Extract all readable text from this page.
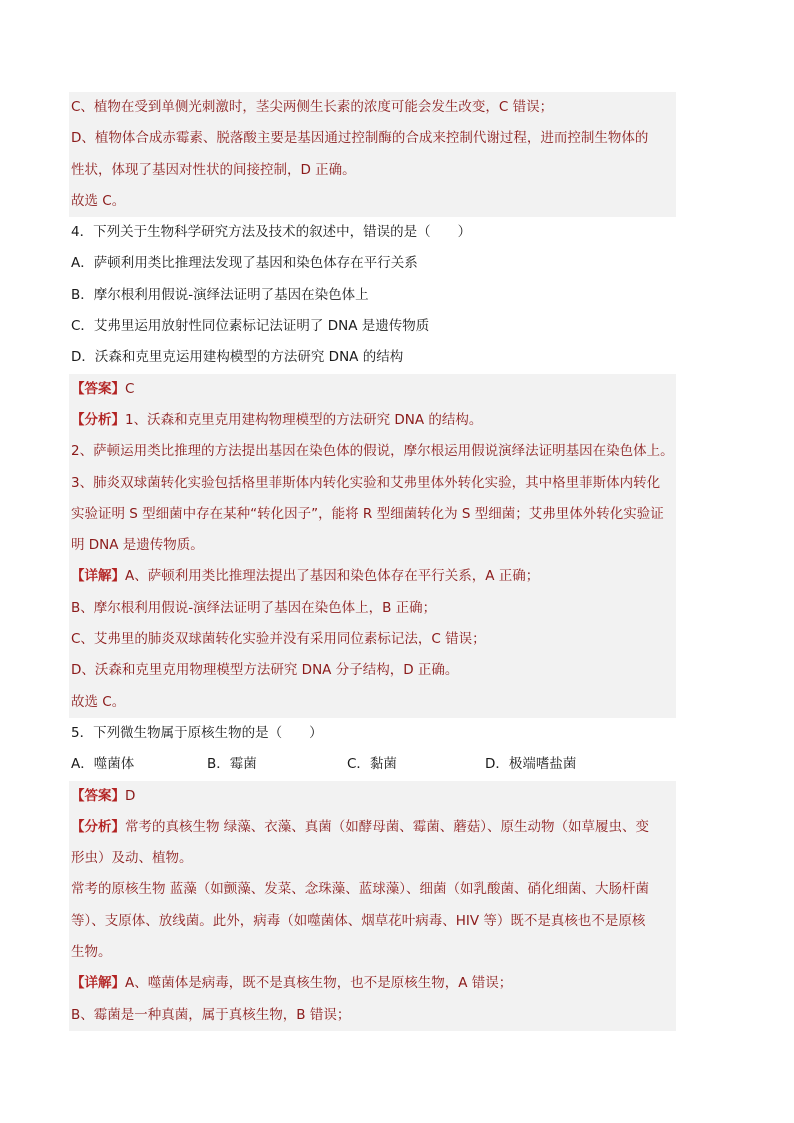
C、植物在受到单侧光刺激时，茎尖两侧生长素的浓度可能会发生改变，C 错误；
D、植物体合成赤霉素、脱落酸主要是基因通过控制酶的合成来控制代谢过程，进而控制生物体的
性状，体现了基因对性状的间接控制，D 正确。
故选 C。
4．下列关于生物科学研究方法及技术的叙述中，错误的是（　　）
A．萨顿利用类比推理法发现了基因和染色体存在平行关系
B．摩尔根利用假说-演绎法证明了基因在染色体上
C．艾弗里运用放射性同位素标记法证明了 DNA 是遗传物质
D．沃森和克里克运用建构模型的方法研究 DNA 的结构
【答案】C
【分析】1、沃森和克里克用建构物理模型的方法研究 DNA 的结构。
2、萨顿运用类比推理的方法提出基因在染色体的假说，摩尔根运用假说演绎法证明基因在染色体上。
3、肺炎双球菌转化实验包括格里菲斯体内转化实验和艾弗里体外转化实验，其中格里菲斯体内转化
实验证明 S 型细菌中存在某种“转化因子”，能将 R 型细菌转化为 S 型细菌；艾弗里体外转化实验证
明 DNA 是遗传物质。
【详解】A、萨顿利用类比推理法提出了基因和染色体存在平行关系，A 正确；
B、摩尔根利用假说-演绎法证明了基因在染色体上，B 正确；
C、艾弗里的肺炎双球菌转化实验并没有采用同位素标记法，C 错误；
D、沃森和克里克用物理模型方法研究 DNA 分子结构，D 正确。
故选 C。
5．下列微生物属于原核生物的是（　　）
A．噬菌体	B．霉菌	C．黏菌	D．极端嗜盐菌
【答案】D
【分析】常考的真核生物 绿藻、衣藻、真菌（如酵母菌、霉菌、蘑菇）、原生动物（如草履虫、变
形虫）及动、植物。
常考的原核生物 蓝藻（如颤藻、发菜、念珠藻、蓝球藻）、细菌（如乳酸菌、硝化细菌、大肠杆菌
等）、支原体、放线菌。此外，病毒（如噬菌体、烟草花叶病毒、HIV 等）既不是真核也不是原核
生物。
【详解】A、噬菌体是病毒，既不是真核生物，也不是原核生物，A 错误；
B、霉菌是一种真菌，属于真核生物，B 错误；
